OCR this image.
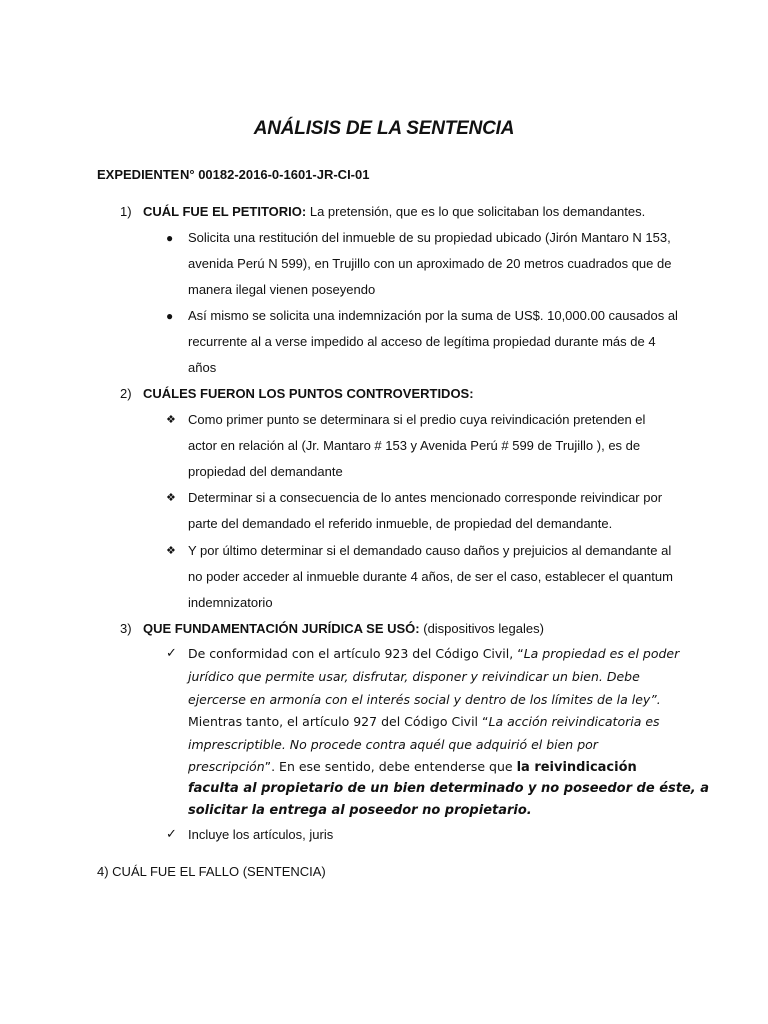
ANÁLISIS DE LA SENTENCIA
EXPEDIENTE N° 00182-2016-0-1601-JR-CI-01
1) CUÁL FUE EL PETITORIO: La pretensión, que es lo que solicitaban los demandantes.
● Solicita una restitución del inmueble de su propiedad ubicado (Jirón Mantaro N 153,
avenida Perú N 599), en Trujillo con un aproximado de 20 metros cuadrados que de
manera ilegal vienen poseyendo
● Así mismo se solicita una indemnización por la suma de US$. 10,000.00 causados al
recurrente al a verse impedido al acceso de legítima propiedad durante más de 4
años
2) CUÁLES FUERON LOS PUNTOS CONTROVERTIDOS:
❖ Como primer punto se determinara si el predio cuya reivindicación pretenden el
actor en relación al (Jr. Mantaro # 153 y Avenida Perú # 599 de Trujillo ), es de
propiedad del demandante
❖ Determinar si a consecuencia de lo antes mencionado corresponde reivindicar por
parte del demandado el referido inmueble, de propiedad del demandante.
❖ Y por último determinar si el demandado causo daños y prejuicios al demandante al
no poder acceder al inmueble durante 4 años, de ser el caso, establecer el quantum
indemnizatorio
3) QUE FUNDAMENTACIÓN JURÍDICA SE USÓ: (dispositivos legales)
✓ De conformidad con el artículo 923 del Código Civil, “La propiedad es el poder
jurídico que permite usar, disfrutar, disponer y reivindicar un bien. Debe
ejercerse en armonía con el interés social y dentro de los límites de la ley”.
Mientras tanto, el artículo 927 del Código Civil “La acción reivindicatoria es
imprescriptible. No procede contra aquél que adquirió el bien por
prescripción”. En ese sentido, debe entenderse que la reivindicación
faculta al propietario de un bien determinado y no poseedor de éste, a
solicitar la entrega al poseedor no propietario.
✓ Incluye los artículos, juris
4) CUÁL FUE EL FALLO (SENTENCIA)
